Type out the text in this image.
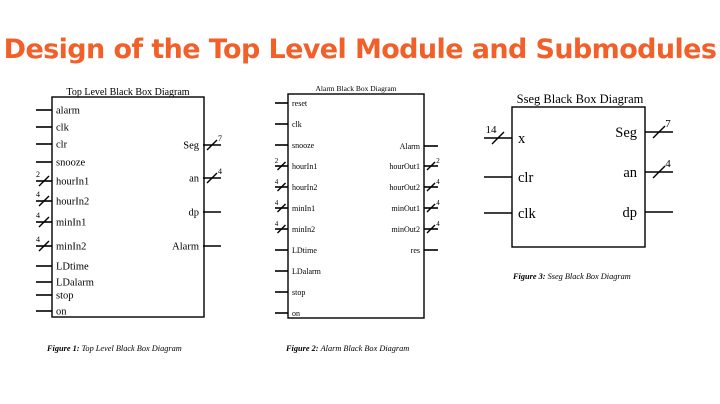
Design of the Top Level Module and Submodules
Top Level Black Box Diagram
alarm
clk
clr
snooze
hourIn1
2
hourIn2
4
minIn1
4
minIn2
4
LDtime
LDalarm
stop
on
Seg
7
an
4
dp
Alarm
Figure 1: Top Level Black Box Diagram
Alarm Black Box Diagram
reset
clk
snooze
hourIn1
2
hourIn2
4
minIn1
4
minIn2
4
LDtime
LDalarm
stop
on
Alarm
hourOut1
2
hourOut2
4
minOut1
4
minOut2
4
res
Figure 2: Alarm Black Box Diagram
Sseg Black Box Diagram
x
14
clr
clk
Seg
7
an
4
dp
Figure 3: Sseg Black Box Diagram
